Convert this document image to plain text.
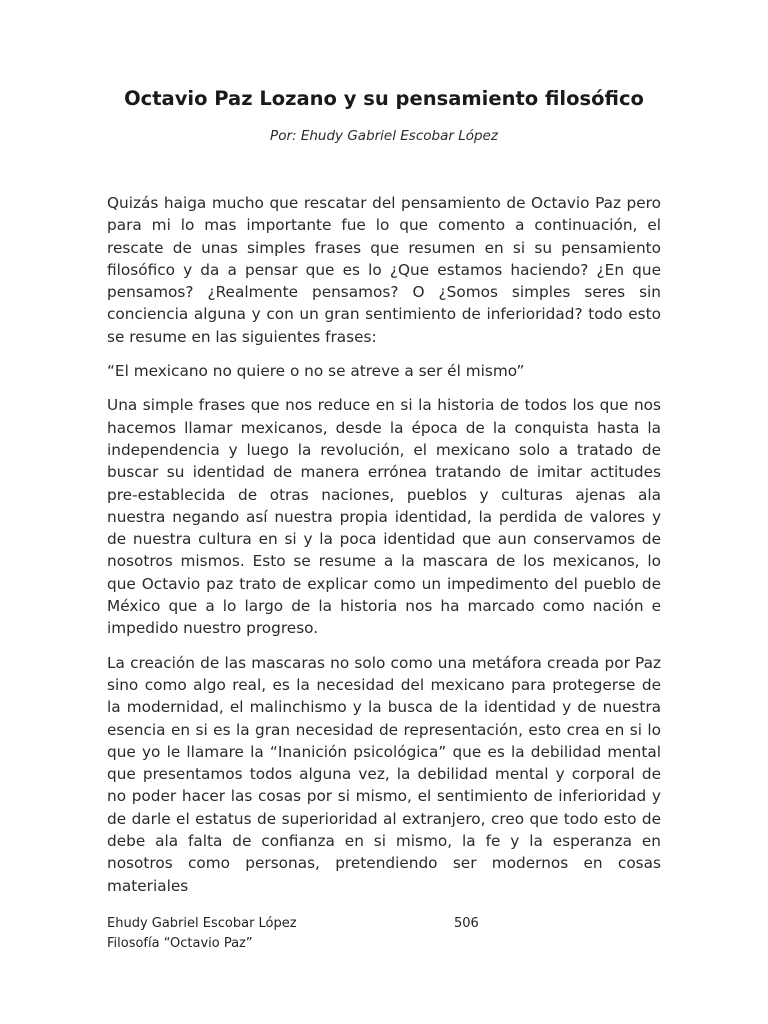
Octavio Paz Lozano y su pensamiento filosófico
Por: Ehudy Gabriel Escobar López

Quizás haiga mucho que rescatar del pensamiento de Octavio Paz pero para mi lo mas importante fue lo que comento a continuación, el rescate de unas simples frases que resumen en si su pensamiento filosófico y da a pensar que es lo ¿Que estamos haciendo? ¿En que pensamos? ¿Realmente pensamos? O ¿Somos simples seres sin conciencia alguna y con un gran sentimiento de inferioridad? todo esto se resume en las siguientes frases:

“El mexicano no quiere o no se atreve a ser él mismo”

Una simple frases que nos reduce en si la historia de todos los que nos hacemos llamar mexicanos, desde la época de la conquista hasta la independencia y luego la revolución, el mexicano solo a tratado de buscar su identidad de manera errónea tratando de imitar actitudes pre-establecida de otras naciones, pueblos y culturas ajenas ala nuestra negando así nuestra propia identidad, la perdida de valores y de nuestra cultura en si y la poca identidad que aun conservamos de nosotros mismos. Esto se resume a la mascara de los mexicanos, lo que Octavio paz trato de explicar como un impedimento del pueblo de México que a lo largo de la historia nos ha marcado como nación e impedido nuestro progreso.

La creación de las mascaras no solo como una metáfora creada por Paz sino como algo real, es la necesidad del mexicano para protegerse de la modernidad, el malinchismo y la busca de la identidad y de nuestra esencia en si es la gran necesidad de representación, esto crea en si lo que yo le llamare la “Inanición psicológica” que es la debilidad mental que presentamos todos alguna vez, la debilidad mental y corporal de no poder hacer las cosas por si mismo, el sentimiento de inferioridad y de darle el estatus de superioridad al extranjero, creo que todo esto de debe ala falta de confianza en si mismo, la fe y la esperanza en nosotros como personas, pretendiendo ser modernos en cosas materiales

Ehudy Gabriel Escobar López	506
Filosofía “Octavio Paz”
